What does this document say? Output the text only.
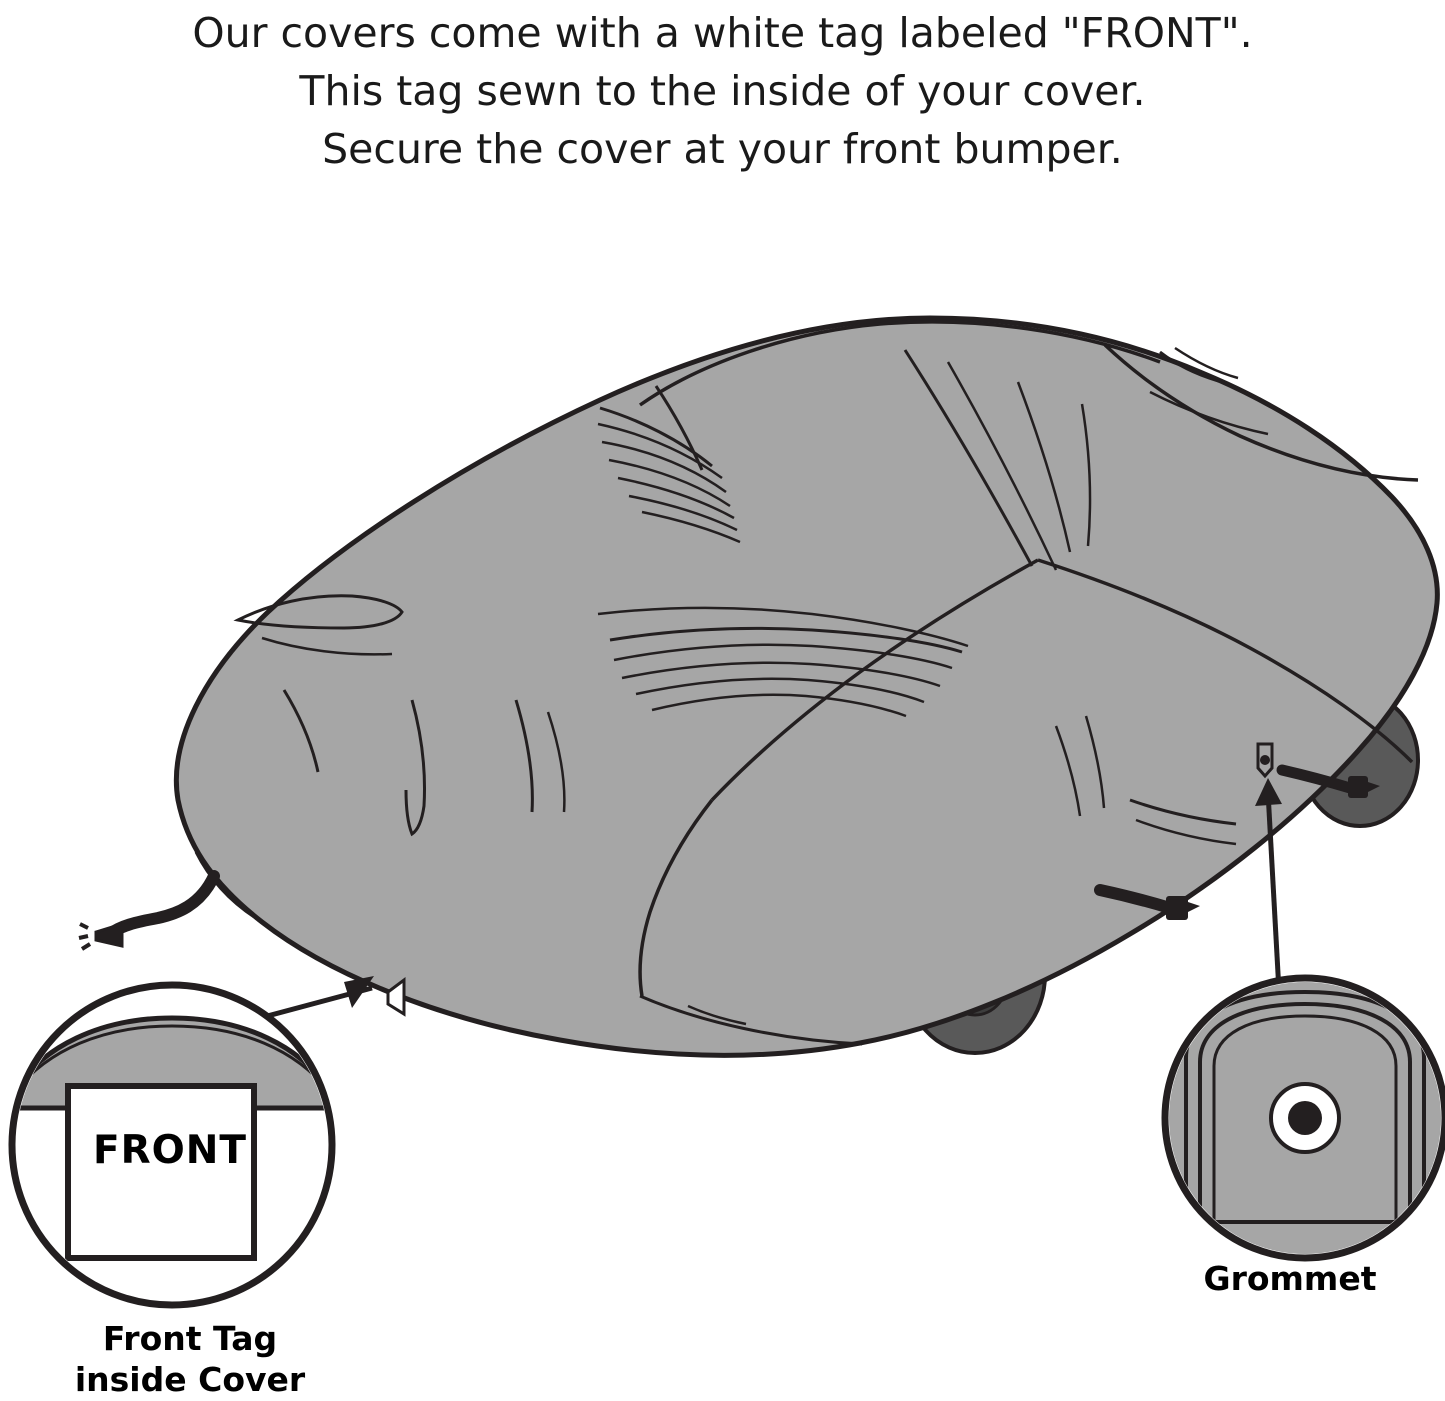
Our covers come with a white tag labeled "FRONT".
This tag sewn to the inside of your cover.
Secure the cover at your front bumper.
FRONT
Front Tag
inside Cover
Grommet
